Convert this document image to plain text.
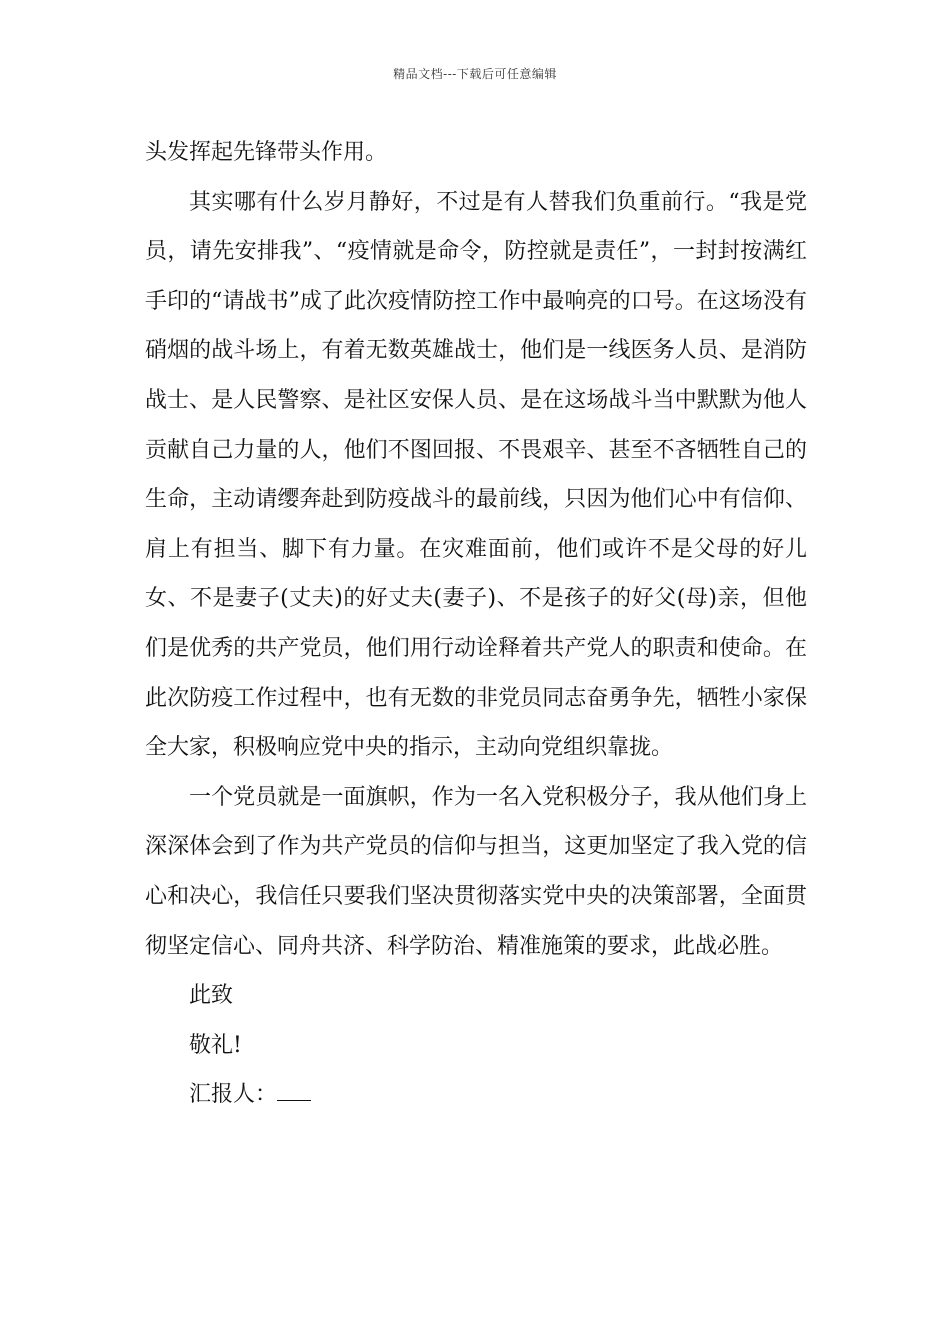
精品文档---下载后可任意编辑

头发挥起先锋带头作用。

其实哪有什么岁月静好，不过是有人替我们负重前行。“我是党员，请先安排我”、“疫情就是命令，防控就是责任”，一封封按满红手印的“请战书”成了此次疫情防控工作中最响亮的口号。在这场没有硝烟的战斗场上，有着无数英雄战士，他们是一线医务人员、是消防战士、是人民警察、是社区安保人员、是在这场战斗当中默默为他人贡献自己力量的人，他们不图回报、不畏艰辛、甚至不吝牺牲自己的生命，主动请缨奔赴到防疫战斗的最前线，只因为他们心中有信仰、肩上有担当、脚下有力量。在灾难面前，他们或许不是父母的好儿女、不是妻子(丈夫)的好丈夫(妻子)、不是孩子的好父(母)亲，但他们是优秀的共产党员，他们用行动诠释着共产党人的职责和使命。在此次防疫工作过程中，也有无数的非党员同志奋勇争先，牺牲小家保全大家，积极响应党中央的指示，主动向党组织靠拢。

一个党员就是一面旗帜，作为一名入党积极分子，我从他们身上深深体会到了作为共产党员的信仰与担当，这更加坚定了我入党的信心和决心，我信任只要我们坚决贯彻落实党中央的决策部署，全面贯彻坚定信心、同舟共济、科学防治、精准施策的要求，此战必胜。

此致

敬礼!

汇报人：
